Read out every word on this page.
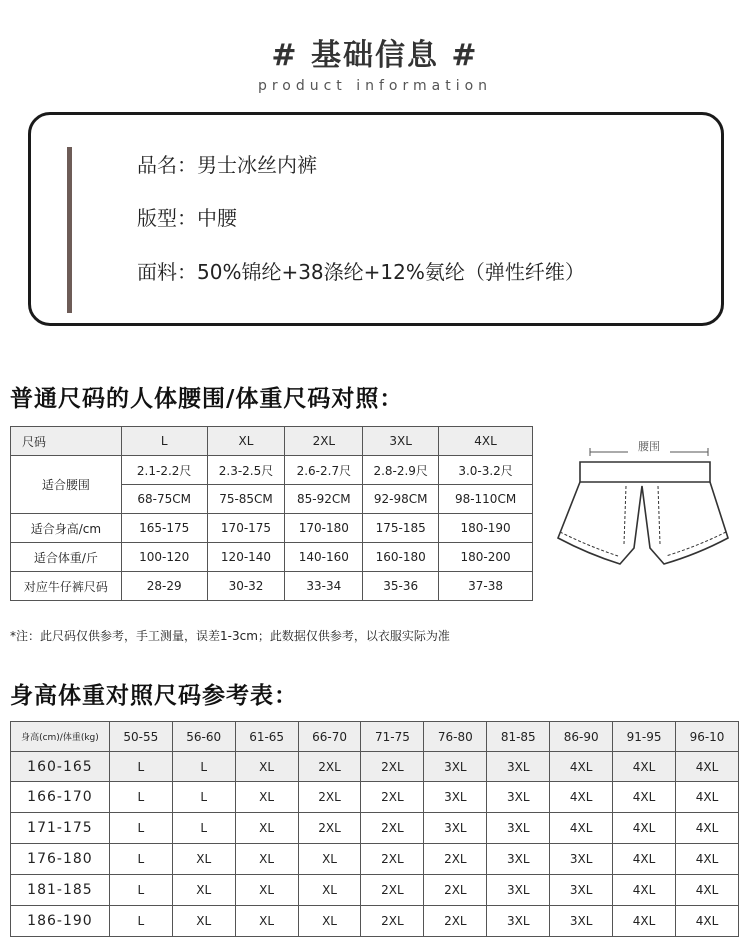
# 基础信息 #
product information
品名：男士冰丝内裤
版型：中腰
面料：50%锦纶+38涤纶+12%氨纶（弹性纤维）
普通尺码的人体腰围/体重尺码对照：
尺码	L	XL	2XL	3XL	4XL
适合腰围	2.1-2.2尺	2.3-2.5尺	2.6-2.7尺	2.8-2.9尺	3.0-3.2尺
	68-75CM	75-85CM	85-92CM	92-98CM	98-110CM
适合身高/cm	165-175	170-175	170-180	175-185	180-190
适合体重/斤	100-120	120-140	140-160	160-180	180-200
对应牛仔裤尺码	28-29	30-32	33-34	35-36	37-38
腰围
*注：此尺码仅供参考，手工测量，误差1-3cm；此数据仅供参考，以衣服实际为准
身高体重对照尺码参考表：
身高(cm)/体重(kg)	50-55	56-60	61-65	66-70	71-75	76-80	81-85	86-90	91-95	96-10
160-165	L	L	XL	2XL	2XL	3XL	3XL	4XL	4XL	4XL
166-170	L	L	XL	2XL	2XL	3XL	3XL	4XL	4XL	4XL
171-175	L	L	XL	2XL	2XL	3XL	3XL	4XL	4XL	4XL
176-180	L	XL	XL	XL	2XL	2XL	3XL	3XL	4XL	4XL
181-185	L	XL	XL	XL	2XL	2XL	3XL	3XL	4XL	4XL
186-190	L	XL	XL	XL	2XL	2XL	3XL	3XL	4XL	4XL
